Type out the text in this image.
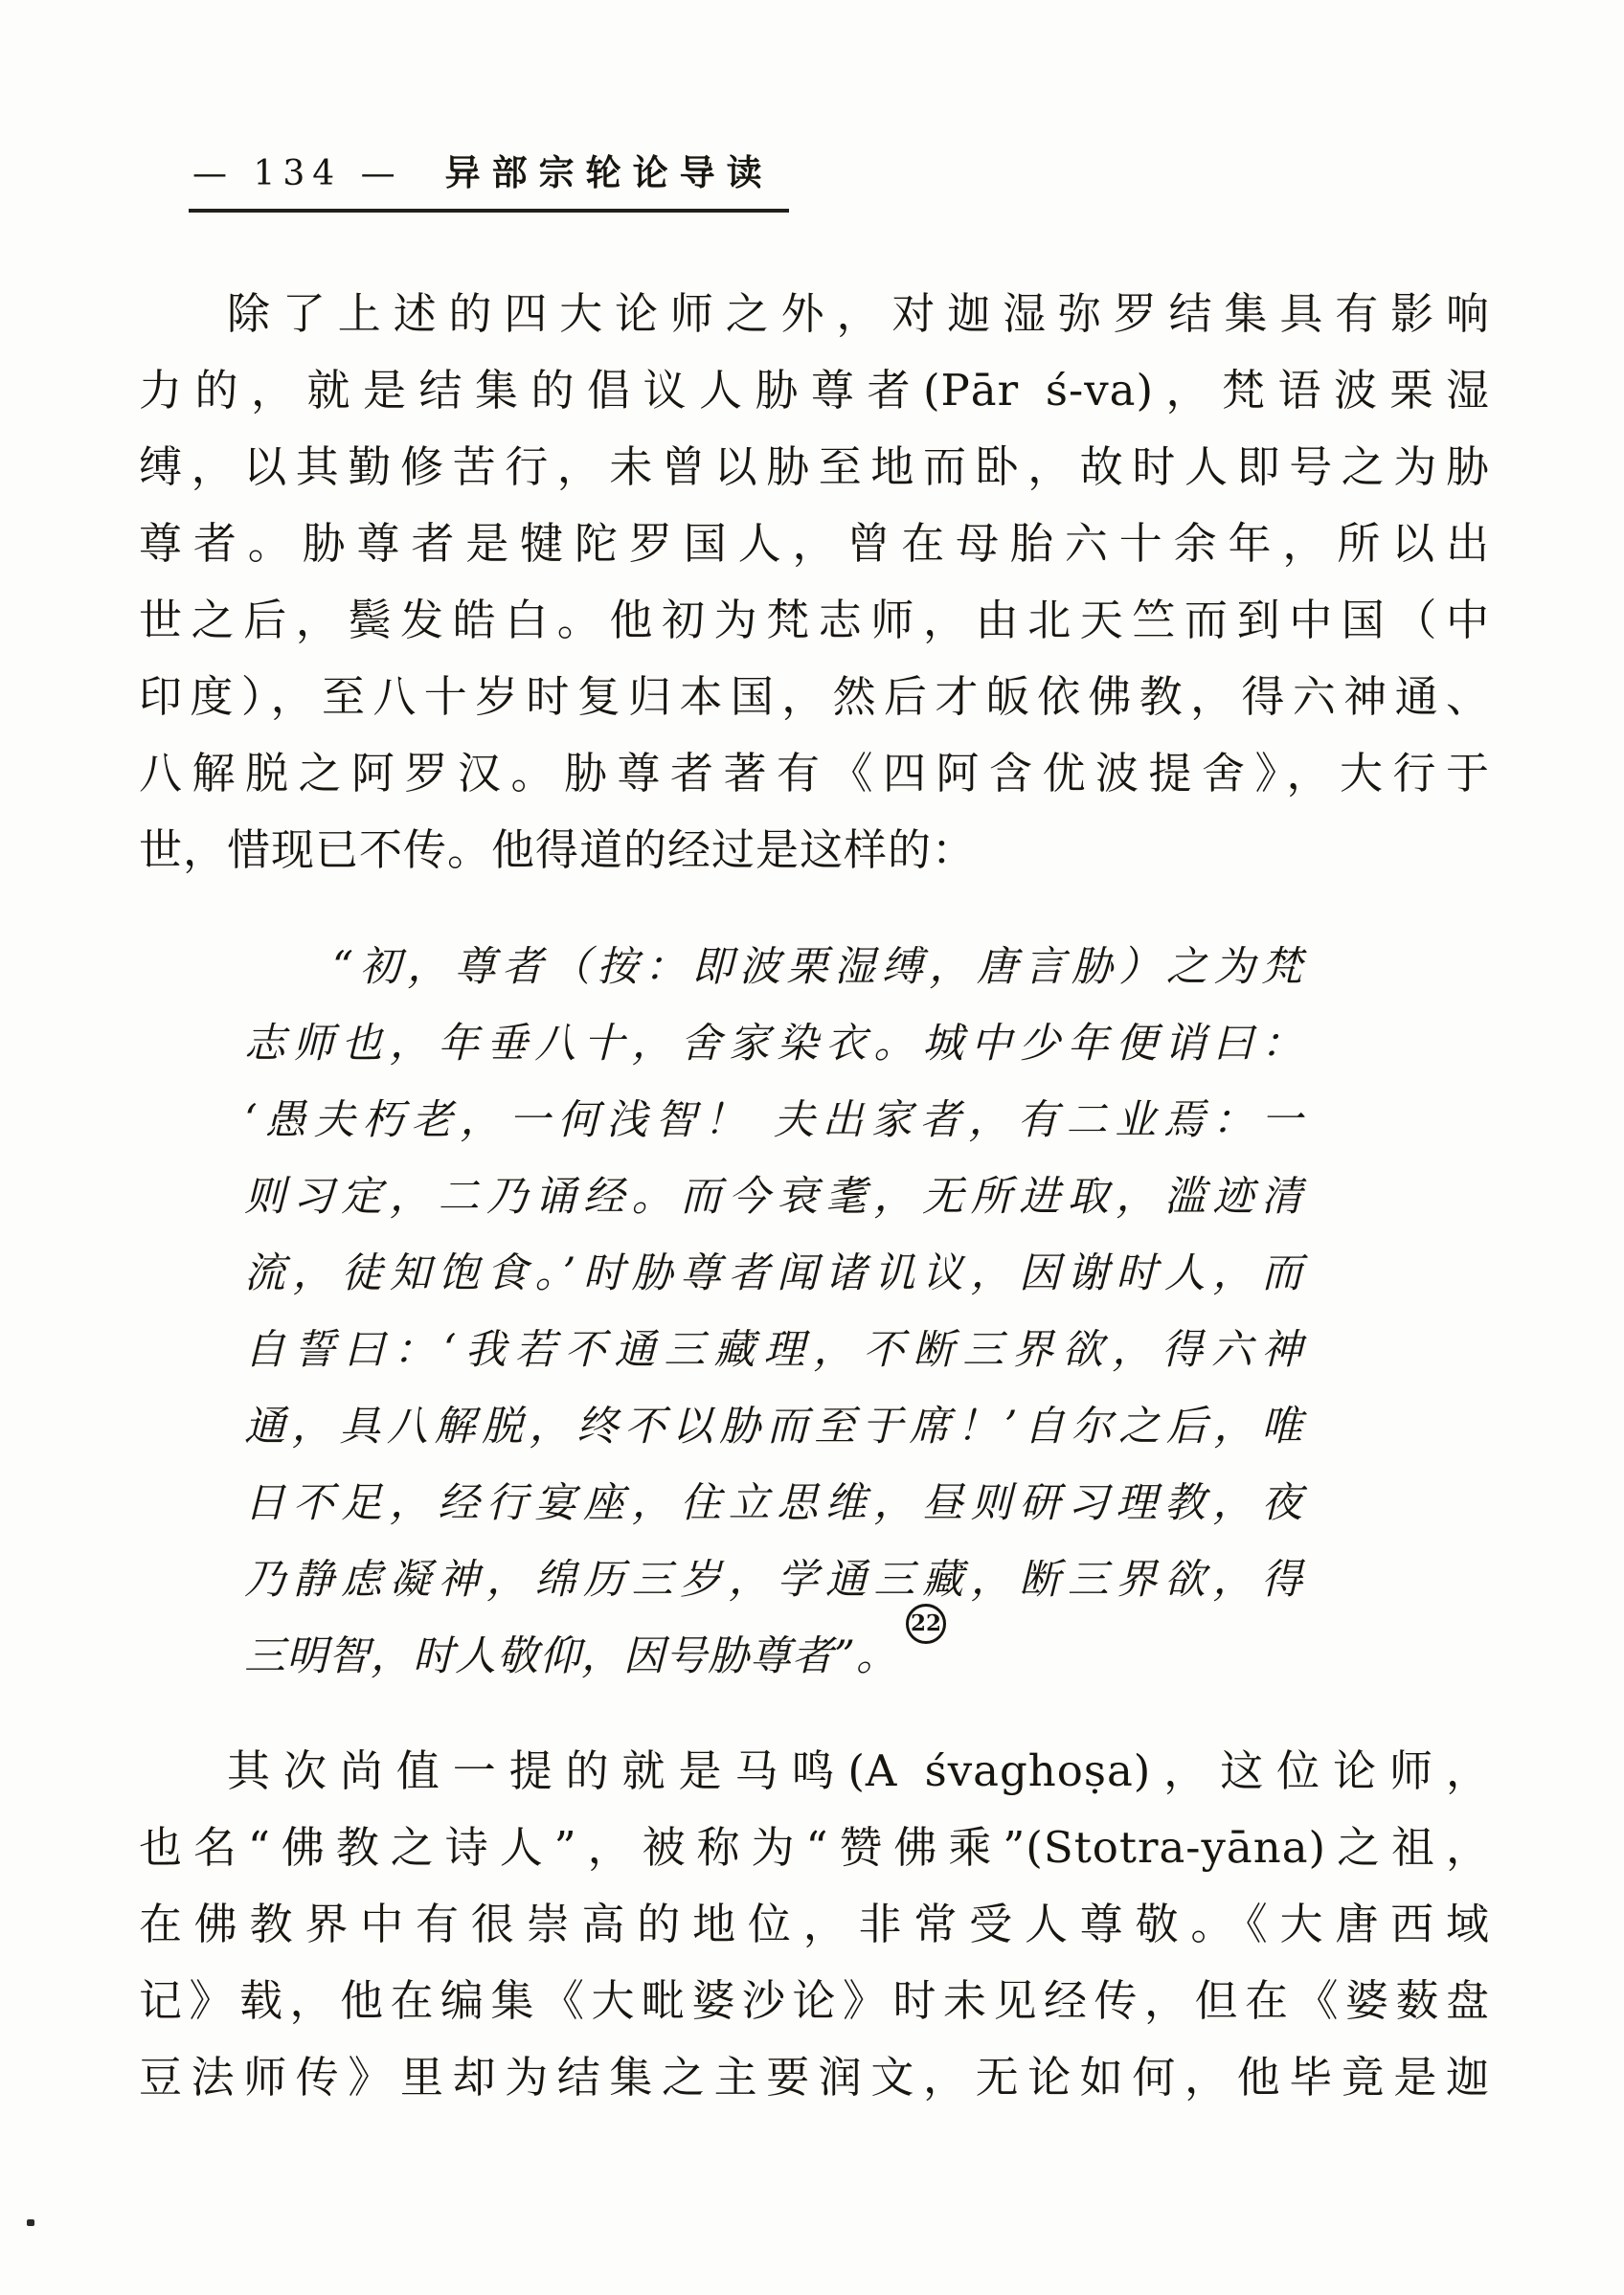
— 134 — 异部宗轮论导读
除了上述的四大论师之外，对迦湿弥罗结集具有影响
力的，就是结集的倡议人胁尊者(Pār ś-va)，梵语波栗湿
缚，以其勤修苦行，未曾以胁至地而卧，故时人即号之为胁
尊者。胁尊者是犍陀罗国人，曾在母胎六十余年，所以出
世之后，鬓发皓白。他初为梵志师，由北天竺而到中国（中
印度），至八十岁时复归本国，然后才皈依佛教，得六神通、
八解脱之阿罗汉。胁尊者著有《四阿含优波提舍》，大行于
世，惜现已不传。他得道的经过是这样的：
“初，尊者（按：即波栗湿缚，唐言胁）之为梵
志师也，年垂八十，舍家染衣。城中少年便诮曰：
‘愚夫朽老，一何浅智！ 夫出家者，有二业焉：一
则习定，二乃诵经。而今衰耄，无所进取，滥迹清
流，徒知饱食。’时胁尊者闻诸讥议，因谢时人，而
自誓曰：‘我若不通三藏理，不断三界欲，得六神
通，具八解脱，终不以胁而至于席！’自尔之后，唯
日不足，经行宴座，住立思维，昼则研习理教，夜
乃静虑凝神，绵历三岁，学通三藏，断三界欲，得
三明智，时人敬仰，因号胁尊者”。$^{22}$
其次尚值一提的就是马鸣(A śvaghoṣa)，这位论师，
也名“佛教之诗人”，被称为“赞佛乘”(Stotra-yāna)之祖，
在佛教界中有很崇高的地位，非常受人尊敬。《大唐西域
记》载，他在编集《大毗婆沙论》时未见经传，但在《婆薮盘
豆法师传》里却为结集之主要润文，无论如何，他毕竟是迦
